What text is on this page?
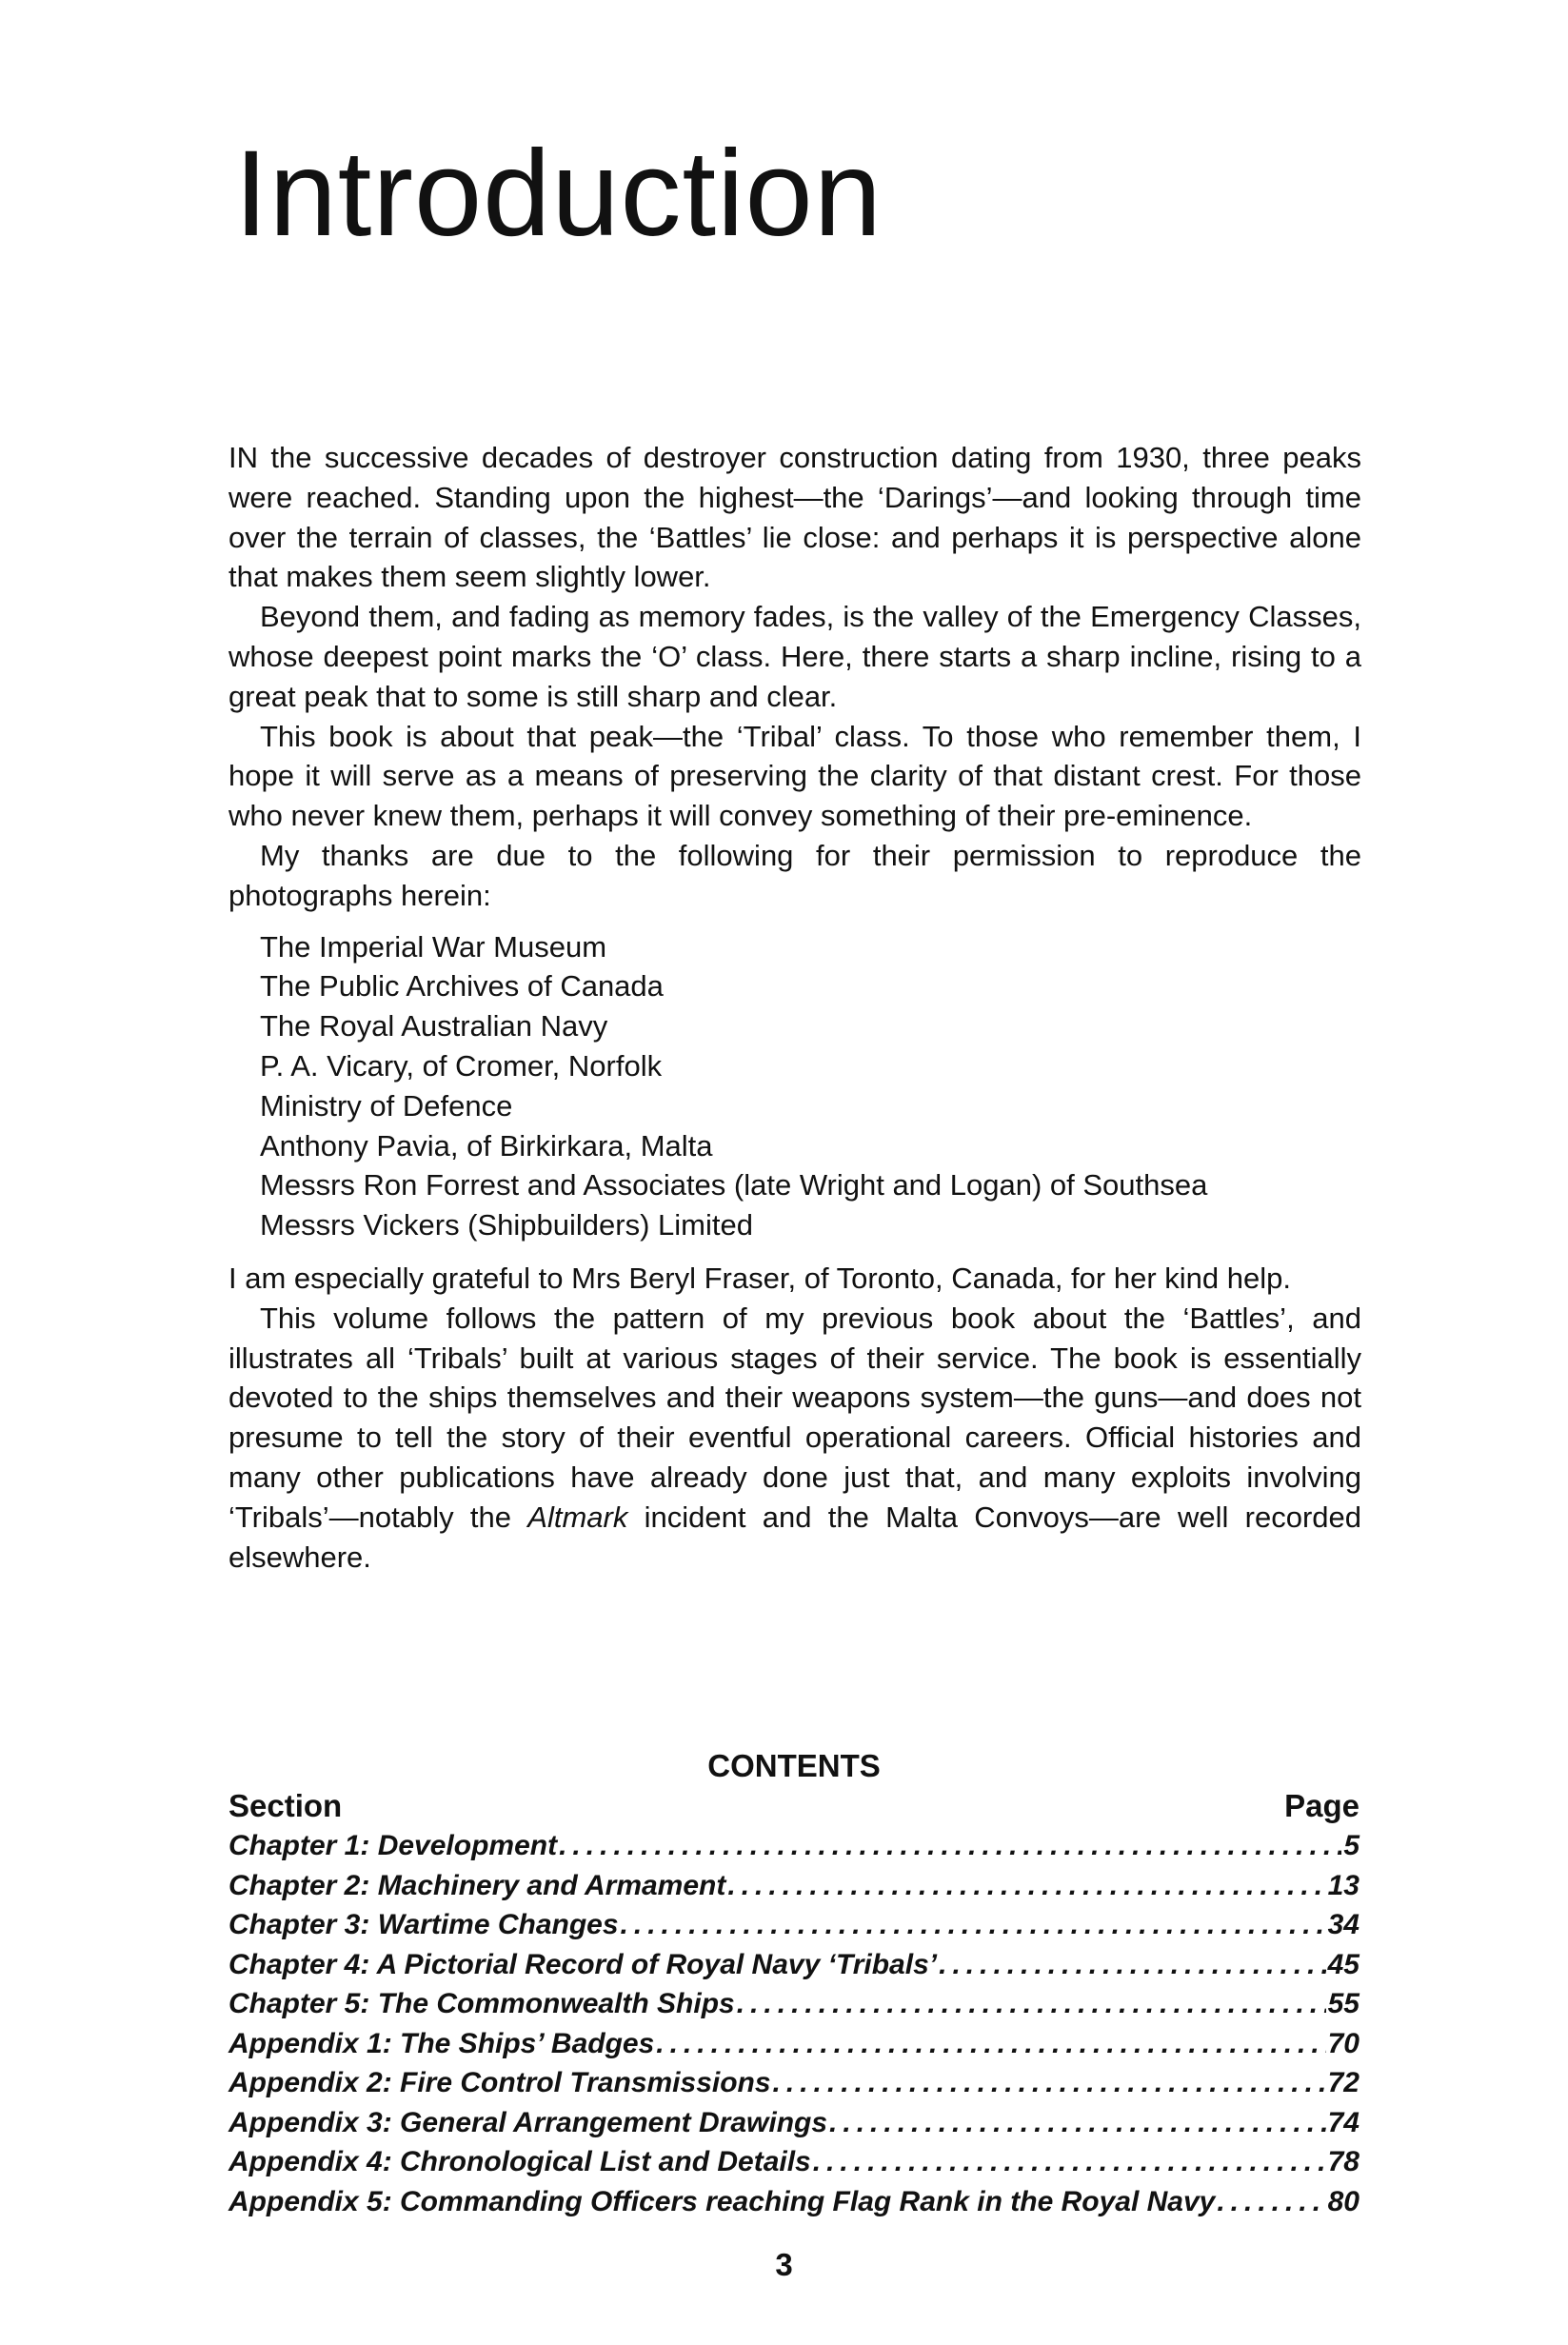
Introduction

IN the successive decades of destroyer construction dating from 1930, three peaks were reached. Standing upon the highest—the ‘Darings’—and looking through time over the terrain of classes, the ‘Battles’ lie close: and perhaps it is perspective alone that makes them seem slightly lower.

Beyond them, and fading as memory fades, is the valley of the Emergency Classes, whose deepest point marks the ‘O’ class. Here, there starts a sharp incline, rising to a great peak that to some is still sharp and clear.

This book is about that peak—the ‘Tribal’ class. To those who remember them, I hope it will serve as a means of preserving the clarity of that distant crest. For those who never knew them, perhaps it will convey something of their pre-eminence.

My thanks are due to the following for their permission to reproduce the photographs herein:

The Imperial War Museum
The Public Archives of Canada
The Royal Australian Navy
P. A. Vicary, of Cromer, Norfolk
Ministry of Defence
Anthony Pavia, of Birkirkara, Malta
Messrs Ron Forrest and Associates (late Wright and Logan) of Southsea
Messrs Vickers (Shipbuilders) Limited

I am especially grateful to Mrs Beryl Fraser, of Toronto, Canada, for her kind help.

This volume follows the pattern of my previous book about the ‘Battles’, and illustrates all ‘Tribals’ built at various stages of their service. The book is essentially devoted to the ships themselves and their weapons system—the guns—and does not presume to tell the story of their eventful operational careers. Official histories and many other publications have already done just that, and many exploits involving ‘Tribals’—notably the Altmark incident and the Malta Convoys—are well recorded elsewhere.

CONTENTS
Section	Page
Chapter 1: Development .....	5
Chapter 2: Machinery and Armament .....	13
Chapter 3: Wartime Changes .....	34
Chapter 4: A Pictorial Record of Royal Navy ‘Tribals’ .....	45
Chapter 5: The Commonwealth Ships .....	55
Appendix 1: The Ships’ Badges .....	70
Appendix 2: Fire Control Transmissions .....	72
Appendix 3: General Arrangement Drawings .....	74
Appendix 4: Chronological List and Details .....	78
Appendix 5: Commanding Officers reaching Flag Rank in the Royal Navy .....	80
3
